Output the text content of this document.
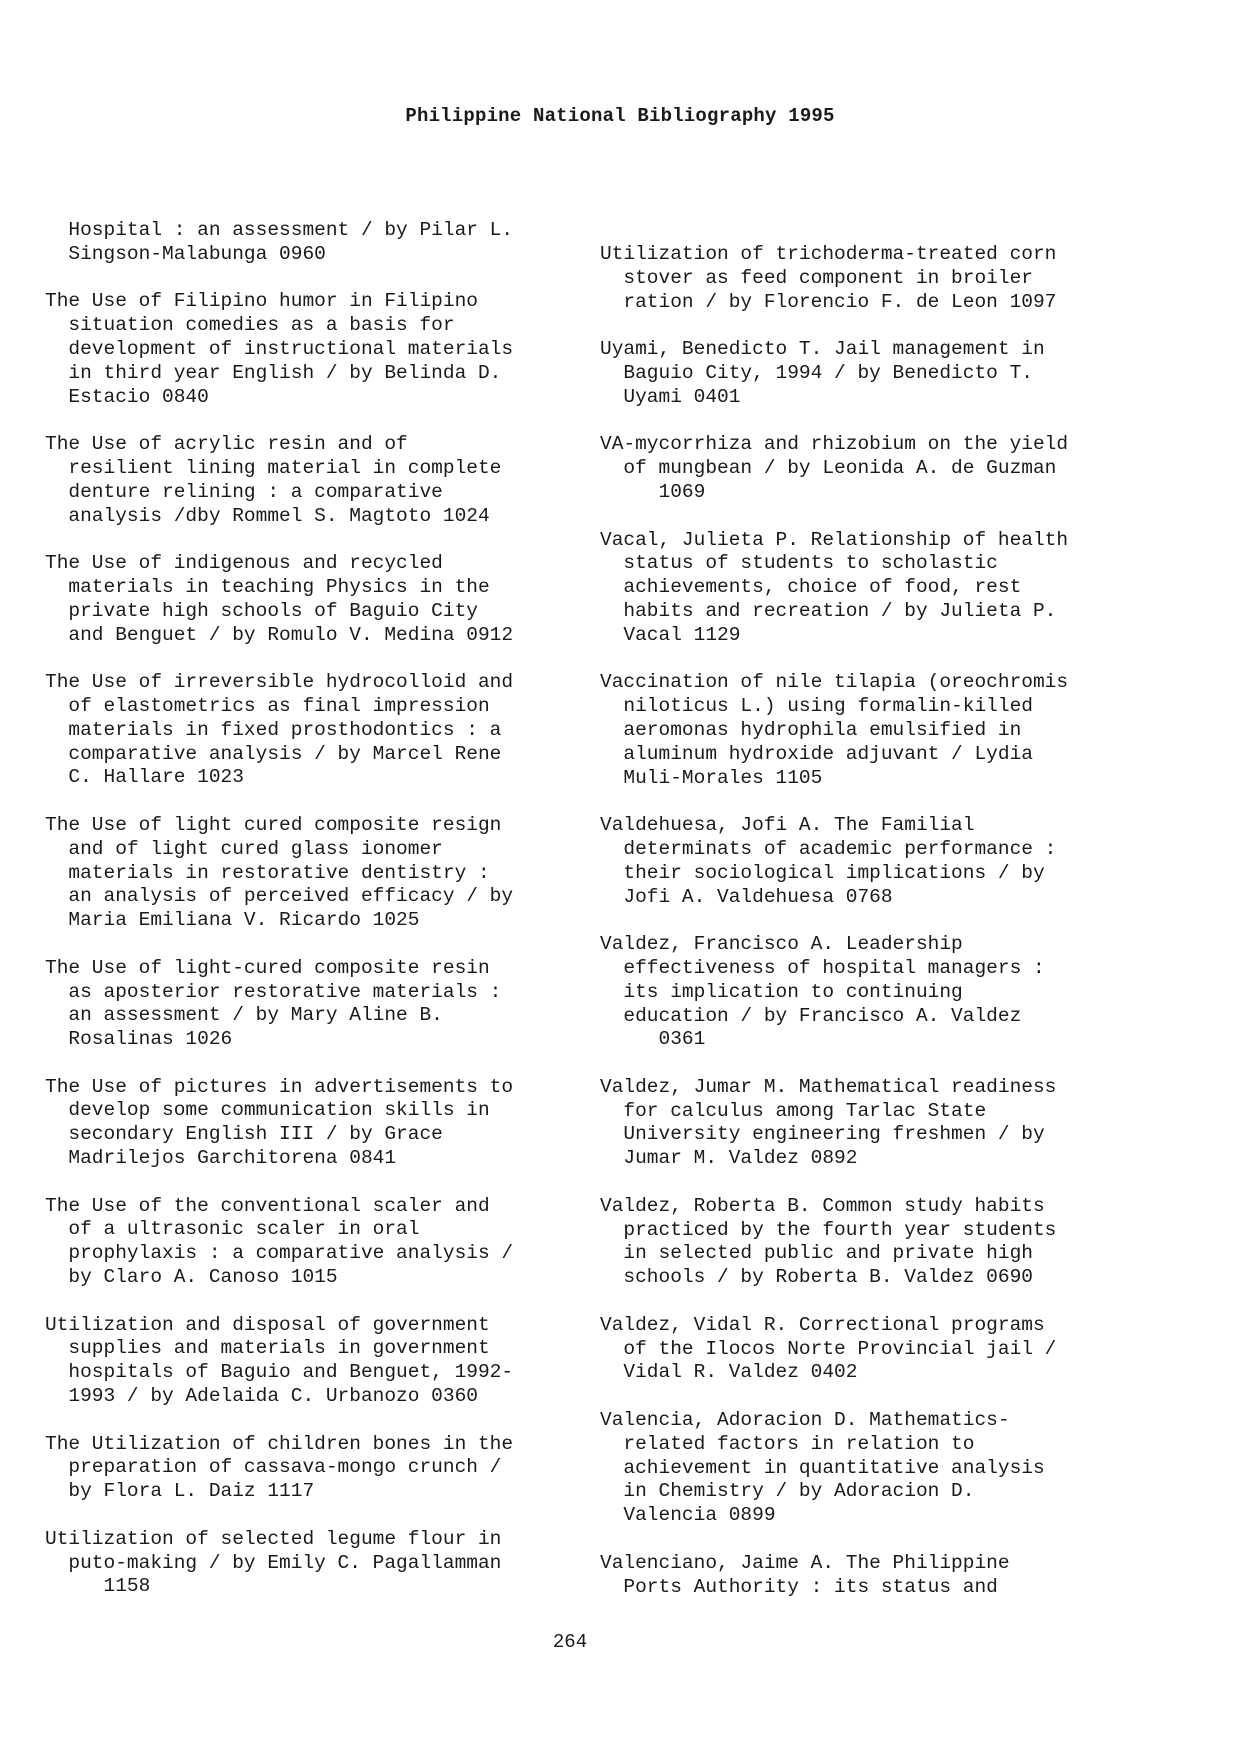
Philippine National Bibliography 1995
Hospital : an assessment / by Pilar L.
Singson-Malabunga 0960
The Use of Filipino humor in Filipino
situation comedies as a basis for
development of instructional materials
in third year English / by Belinda D.
Estacio 0840
The Use of acrylic resin and of
resilient lining material in complete
denture relining : a comparative
analysis /dby Rommel S. Magtoto 1024
The Use of indigenous and recycled
materials in teaching Physics in the
private high schools of Baguio City
and Benguet / by Romulo V. Medina 0912
The Use of irreversible hydrocolloid and
of elastometrics as final impression
materials in fixed prosthodontics : a
comparative analysis / by Marcel Rene
C. Hallare 1023
The Use of light cured composite resign
and of light cured glass ionomer
materials in restorative dentistry :
an analysis of perceived efficacy / by
Maria Emiliana V. Ricardo 1025
The Use of light-cured composite resin
as aposterior restorative materials :
an assessment / by Mary Aline B.
Rosalinas 1026
The Use of pictures in advertisements to
develop some communication skills in
secondary English III / by Grace
Madrilejos Garchitorena 0841
The Use of the conventional scaler and
of a ultrasonic scaler in oral
prophylaxis : a comparative analysis /
by Claro A. Canoso 1015
Utilization and disposal of government
supplies and materials in government
hospitals of Baguio and Benguet, 1992-
1993 / by Adelaida C. Urbanozo 0360
The Utilization of children bones in the
preparation of cassava-mongo crunch /
by Flora L. Daiz 1117
Utilization of selected legume flour in
puto-making / by Emily C. Pagallamman
1158
Utilization of trichoderma-treated corn
stover as feed component in broiler
ration / by Florencio F. de Leon 1097
Uyami, Benedicto T. Jail management in
Baguio City, 1994 / by Benedicto T.
Uyami 0401
VA-mycorrhiza and rhizobium on the yield
of mungbean / by Leonida A. de Guzman
1069
Vacal, Julieta P. Relationship of health
status of students to scholastic
achievements, choice of food, rest
habits and recreation / by Julieta P.
Vacal 1129
Vaccination of nile tilapia (oreochromis
niloticus L.) using formalin-killed
aeromonas hydrophila emulsified in
aluminum hydroxide adjuvant / Lydia
Muli-Morales 1105
Valdehuesa, Jofi A. The Familial
determinats of academic performance :
their sociological implications / by
Jofi A. Valdehuesa 0768
Valdez, Francisco A. Leadership
effectiveness of hospital managers :
its implication to continuing
education / by Francisco A. Valdez
0361
Valdez, Jumar M. Mathematical readiness
for calculus among Tarlac State
University engineering freshmen / by
Jumar M. Valdez 0892
Valdez, Roberta B. Common study habits
practiced by the fourth year students
in selected public and private high
schools / by Roberta B. Valdez 0690
Valdez, Vidal R. Correctional programs
of the Ilocos Norte Provincial jail /
Vidal R. Valdez 0402
Valencia, Adoracion D. Mathematics-
related factors in relation to
achievement in quantitative analysis
in Chemistry / by Adoracion D.
Valencia 0899
Valenciano, Jaime A. The Philippine
Ports Authority : its status and
264
